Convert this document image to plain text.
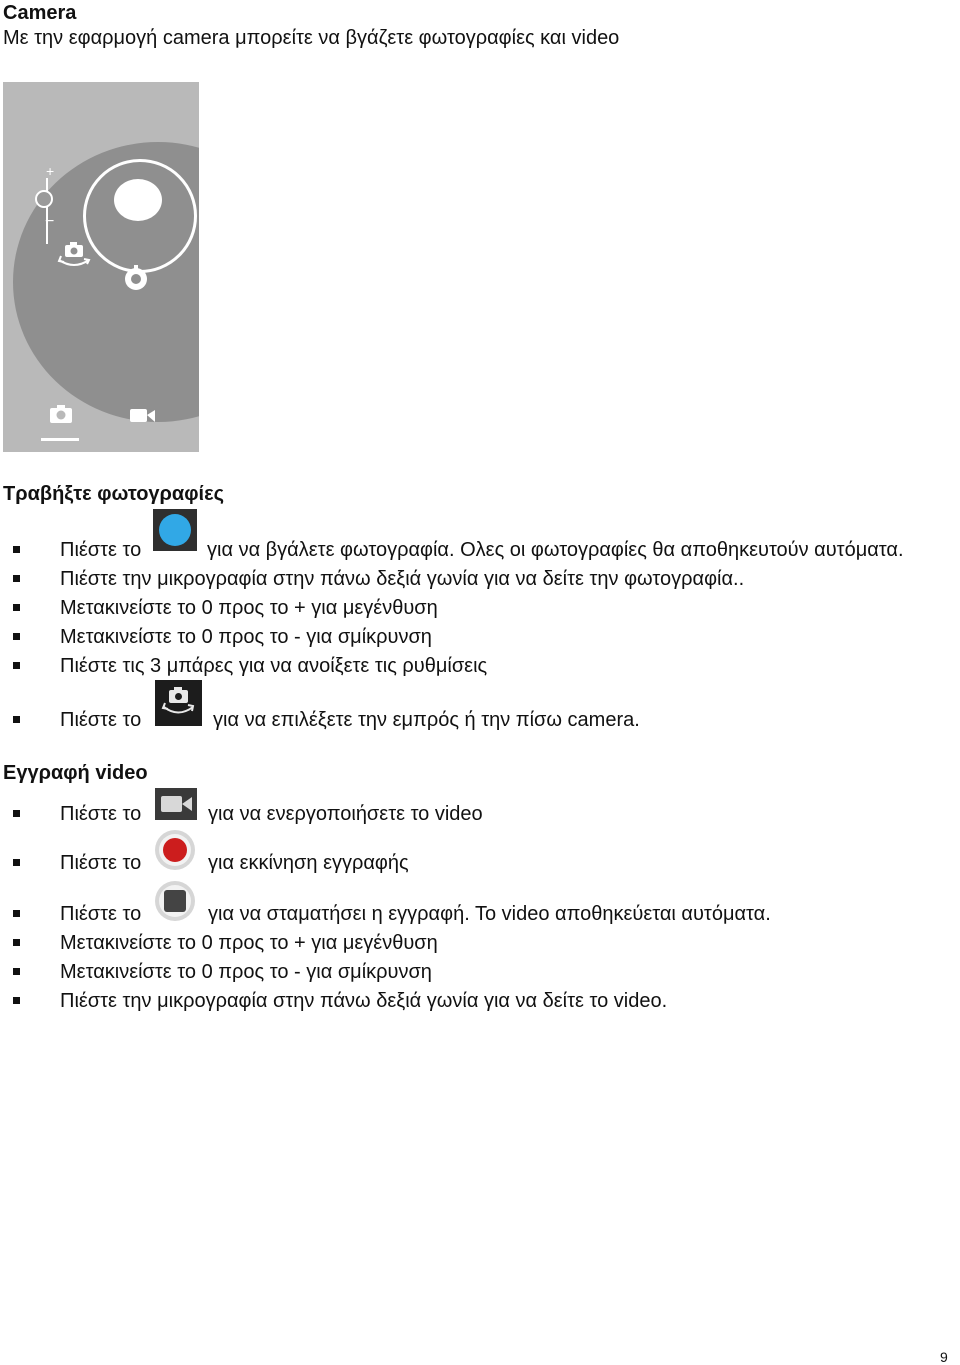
Camera
Με την εφαρμογή camera μπορείτε να βγάζετε φωτογραφίες και video
+
−
Τραβήξτε φωτογραφίες
Πιέστε το	για να βγάλετε φωτογραφία. Ολες οι φωτογραφίες θα αποθηκευτούν αυτόματα.
Πιέστε την μικρογραφία στην πάνω δεξιά γωνία για να δείτε την φωτογραφία..
Μετακινείστε το 0 προς το + για μεγένθυση
Μετακινείστε το 0 προς το - για σμίκρυνση
Πιέστε τις 3 μπάρες για να ανοίξετε τις ρυθμίσεις
Πιέστε το	για να επιλέξετε την εμπρός ή την πίσω camera.
Εγγραφή video
Πιέστε το	για να ενεργοποιήσετε το video
Πιέστε το	για εκκίνηση εγγραφής
Πιέστε το	για να σταματήσει η εγγραφή. Το video αποθηκεύεται αυτόματα.
Μετακινείστε το 0 προς το + για μεγένθυση
Μετακινείστε το 0 προς το - για σμίκρυνση
Πιέστε την μικρογραφία στην πάνω δεξιά γωνία για να δείτε το video.
9
